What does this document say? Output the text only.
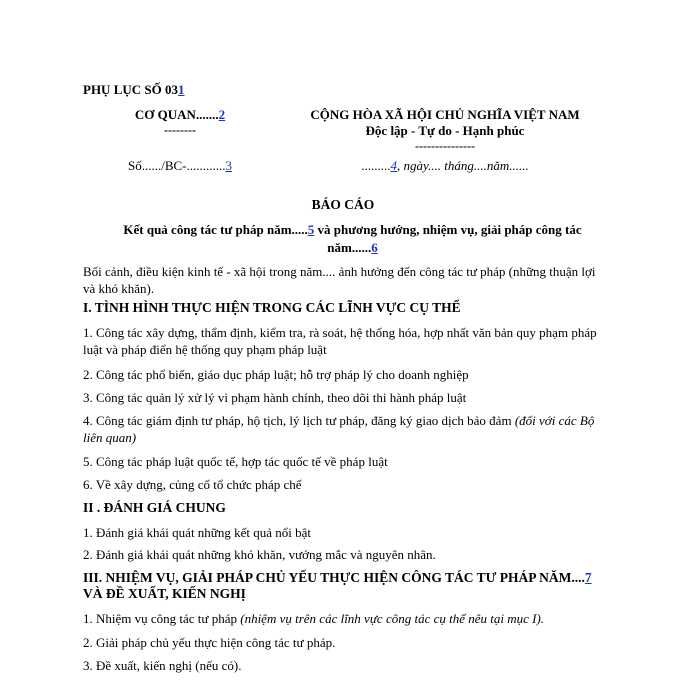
PHỤ LỤC SỐ 031
CƠ QUAN.......2
--------
CỘNG HÒA XÃ HỘI CHỦ NGHĨA VIỆT NAM
Độc lập - Tự do - Hạnh phúc
---------------
Số....../BC-............3	.........4, ngày.... tháng....năm......
BÁO CÁO
Kết quả công tác tư pháp năm.....5 và phương hướng, nhiệm vụ, giải pháp công tác năm......6
Bối cảnh, điều kiện kinh tế - xã hội trong năm.... ảnh hưởng đến công tác tư pháp (những thuận lợi và khó khăn).
I. TÌNH HÌNH THỰC HIỆN TRONG CÁC LĨNH VỰC CỤ THỂ
1. Công tác xây dựng, thẩm định, kiểm tra, rà soát, hệ thống hóa, hợp nhất văn bản quy phạm pháp luật và pháp điển hệ thống quy phạm pháp luật
2. Công tác phổ biến, giáo dục pháp luật; hỗ trợ pháp lý cho doanh nghiệp
3. Công tác quản lý xử lý vi phạm hành chính, theo dõi thi hành pháp luật
4. Công tác giám định tư pháp, hộ tịch, lý lịch tư pháp, đăng ký giao dịch bảo đảm (đối với các Bộ liên quan)
5. Công tác pháp luật quốc tế, hợp tác quốc tế về pháp luật
6. Về xây dựng, củng cố tổ chức pháp chế
II . ĐÁNH GIÁ CHUNG
1. Đánh giá khái quát những kết quả nổi bật
2. Đánh giá khái quát những khó khăn, vướng mắc và nguyên nhân.
III. NHIỆM VỤ, GIẢI PHÁP CHỦ YẾU THỰC HIỆN CÔNG TÁC TƯ PHÁP NĂM....7
VÀ ĐỀ XUẤT, KIẾN NGHỊ
1. Nhiệm vụ công tác tư pháp (nhiệm vụ trên các lĩnh vực công tác cụ thể nêu tại mục I).
2. Giải pháp chủ yếu thực hiện công tác tư pháp.
3. Đề xuất, kiến nghị (nếu có).
